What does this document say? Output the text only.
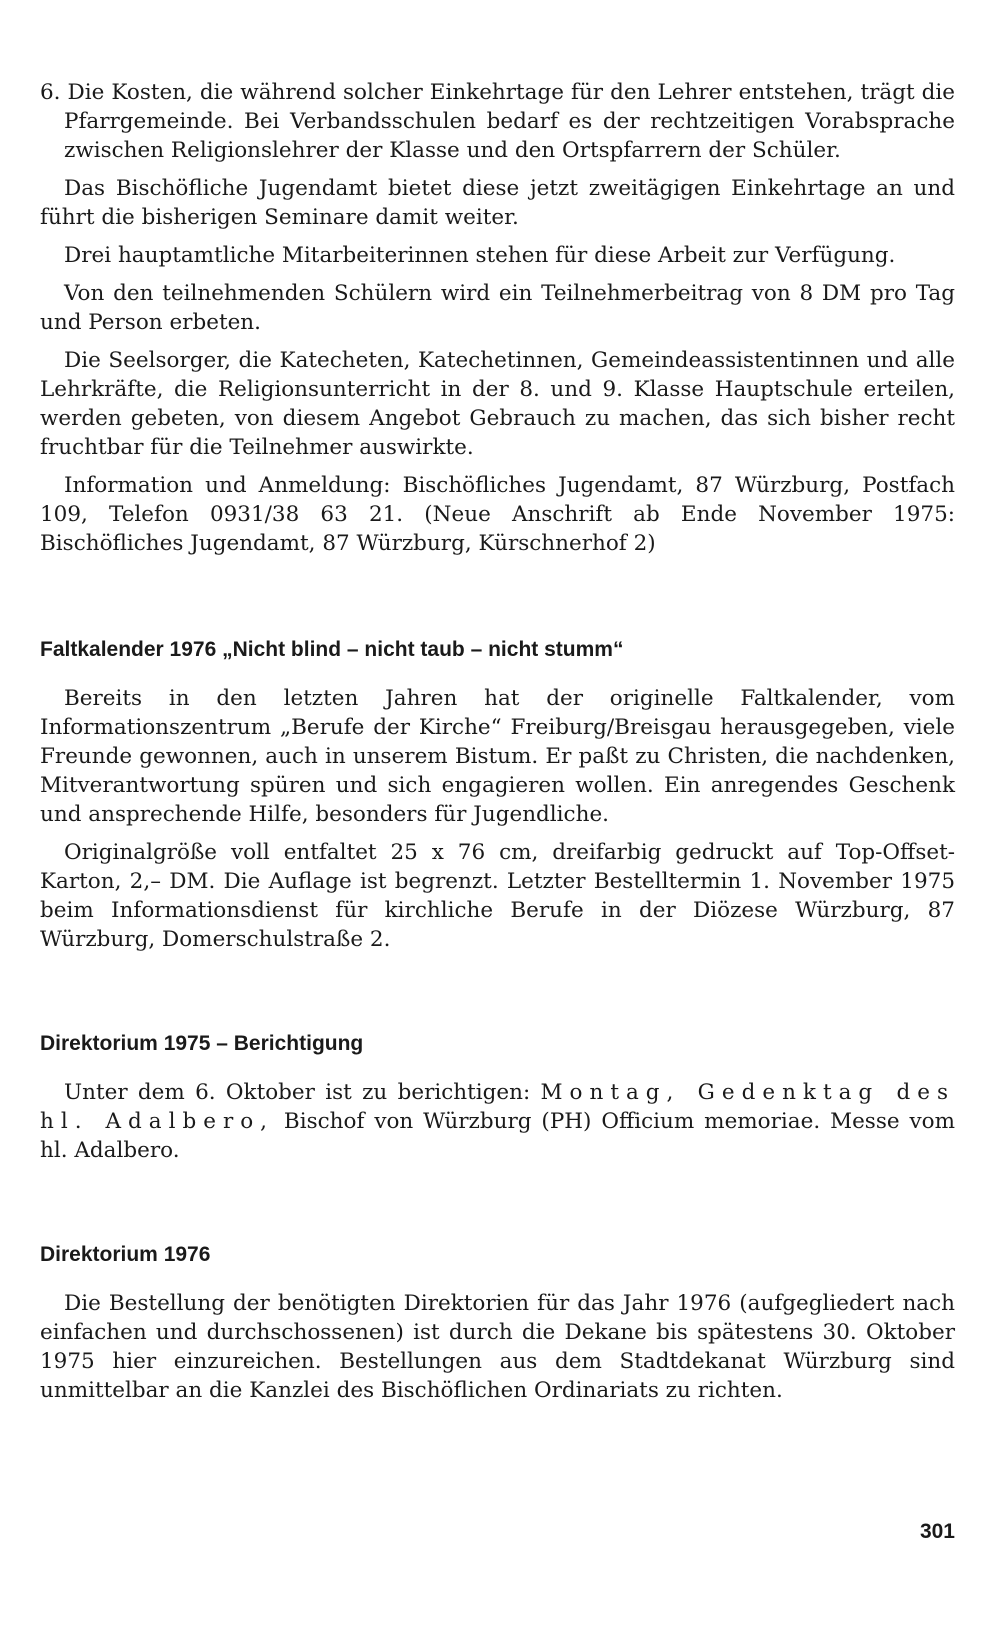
6. Die Kosten, die während solcher Einkehrtage für den Lehrer entstehen, trägt die Pfarrgemeinde. Bei Verbandsschulen bedarf es der rechtzeitigen Vorabsprache zwischen Religionslehrer der Klasse und den Ortspfarrern der Schüler.

Das Bischöfliche Jugendamt bietet diese jetzt zweitägigen Einkehrtage an und führt die bisherigen Seminare damit weiter.

Drei hauptamtliche Mitarbeiterinnen stehen für diese Arbeit zur Verfügung.

Von den teilnehmenden Schülern wird ein Teilnehmerbeitrag von 8 DM pro Tag und Person erbeten.

Die Seelsorger, die Katecheten, Katechetinnen, Gemeindeassistentinnen und alle Lehrkräfte, die Religionsunterricht in der 8. und 9. Klasse Hauptschule erteilen, werden gebeten, von diesem Angebot Gebrauch zu machen, das sich bisher recht fruchtbar für die Teilnehmer auswirkte.

Information und Anmeldung: Bischöfliches Jugendamt, 87 Würzburg, Postfach 109, Telefon 0931/38 63 21. (Neue Anschrift ab Ende November 1975: Bischöfliches Jugendamt, 87 Würzburg, Kürschnerhof 2)

Faltkalender 1976 „Nicht blind – nicht taub – nicht stumm“

Bereits in den letzten Jahren hat der originelle Faltkalender, vom Informationszentrum „Berufe der Kirche“ Freiburg/Breisgau herausgegeben, viele Freunde gewonnen, auch in unserem Bistum. Er paßt zu Christen, die nachdenken, Mitverantwortung spüren und sich engagieren wollen. Ein anregendes Geschenk und ansprechende Hilfe, besonders für Jugendliche.

Originalgröße voll entfaltet 25 x 76 cm, dreifarbig gedruckt auf Top-Offset-Karton, 2,– DM. Die Auflage ist begrenzt. Letzter Bestelltermin 1. November 1975 beim Informationsdienst für kirchliche Berufe in der Diözese Würzburg, 87 Würzburg, Domerschulstraße 2.

Direktorium 1975 – Berichtigung

Unter dem 6. Oktober ist zu berichtigen: Montag, Gedenktag des hl. Adalbero, Bischof von Würzburg (PH) Officium memoriae. Messe vom hl. Adalbero.

Direktorium 1976

Die Bestellung der benötigten Direktorien für das Jahr 1976 (aufgegliedert nach einfachen und durchschossenen) ist durch die Dekane bis spätestens 30. Oktober 1975 hier einzureichen. Bestellungen aus dem Stadtdekanat Würzburg sind unmittelbar an die Kanzlei des Bischöflichen Ordinariats zu richten.

301
